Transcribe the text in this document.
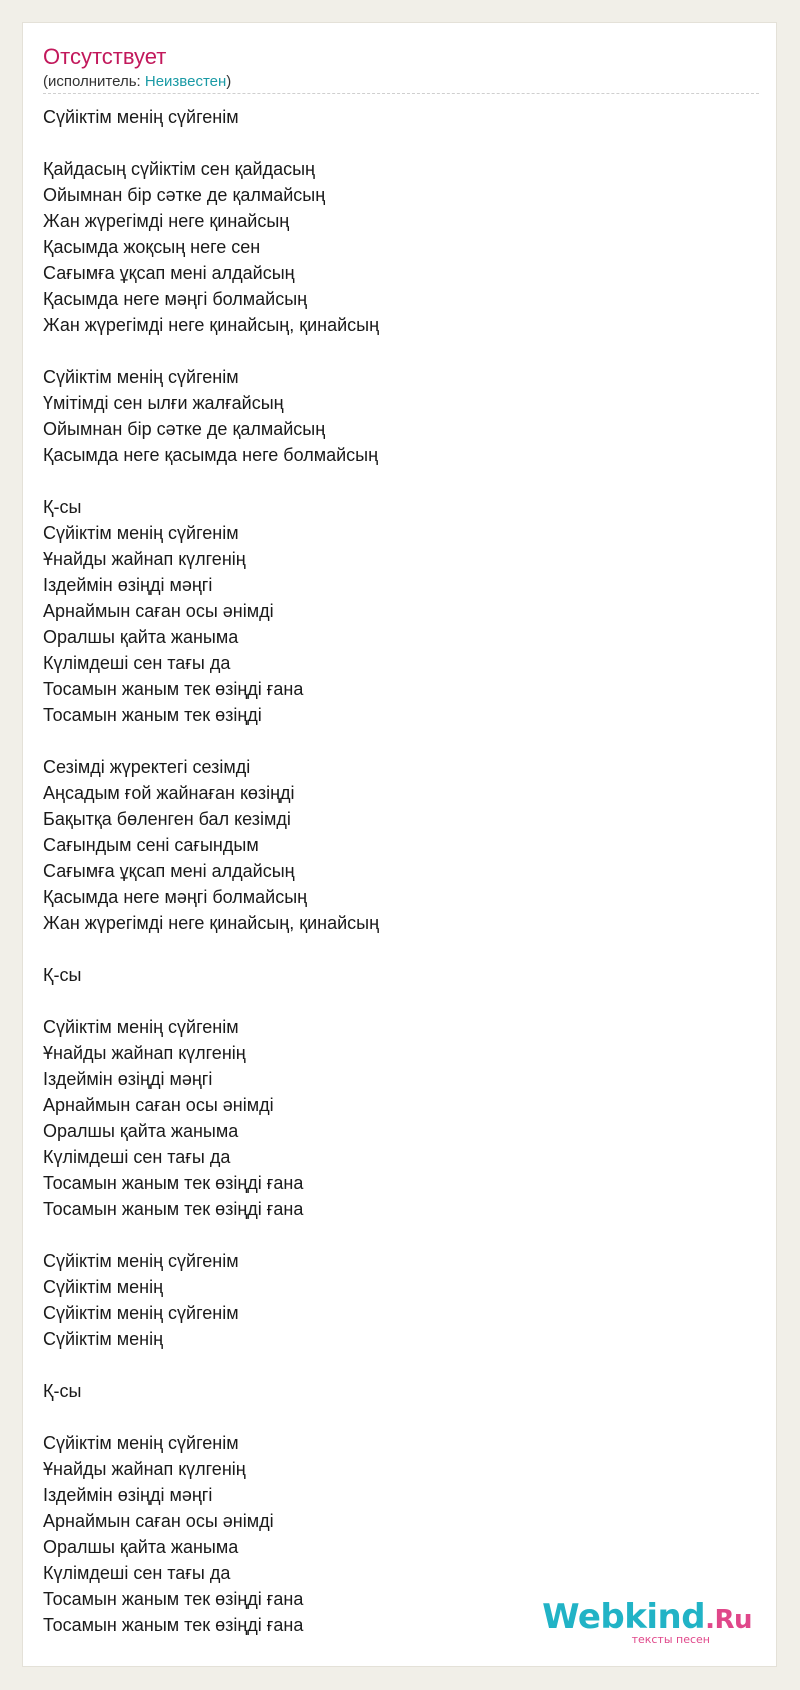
Отсутствует
(исполнитель: Неизвестен)
Сүйіктім менің сүйгенім
Қайдасың сүйіктім сен қайдасың
Ойымнан бір сәтке де қалмайсың
Жан жүрегімді неге қинайсың
Қасымда жоқсың неге сен
Сағымға ұқсап мені алдайсың
Қасымда неге мәңгі болмайсың
Жан жүрегімді неге қинайсың, қинайсың
Сүйіктім менің сүйгенім
Үмітімді сен ылғи жалғайсың
Ойымнан бір сәтке де қалмайсың
Қасымда неге қасымда неге болмайсың
Қ-сы
Сүйіктім менің сүйгенім
Ұнайды жайнап күлгенің
Іздеймін өзіңді мәңгі
Арнаймын саған осы әнімді
Оралшы қайта жаныма
Күлімдеші сен тағы да
Тосамын жаным тек өзіңді ғана
Тосамын жаным тек өзіңді
Сезімді жүректегі сезімді
Аңсадым ғой жайнаған көзіңді
Бақытқа бөленген бал кезімді
Сағындым сені сағындым
Сағымға ұқсап мені алдайсың
Қасымда неге мәңгі болмайсың
Жан жүрегімді неге қинайсың, қинайсың
Қ-сы
Сүйіктім менің сүйгенім
Ұнайды жайнап күлгенің
Іздеймін өзіңді мәңгі
Арнаймын саған осы әнімді
Оралшы қайта жаныма
Күлімдеші сен тағы да
Тосамын жаным тек өзіңді ғана
Тосамын жаным тек өзіңді ғана
Сүйіктім менің сүйгенім
Сүйіктім менің
Сүйіктім менің сүйгенім
Сүйіктім менің
Қ-сы
Сүйіктім менің сүйгенім
Ұнайды жайнап күлгенің
Іздеймін өзіңді мәңгі
Арнаймын саған осы әнімді
Оралшы қайта жаныма
Күлімдеші сен тағы да
Тосамын жаным тек өзіңді ғана
Тосамын жаным тек өзіңді ғана	Webkind.Ru
тексты песен
